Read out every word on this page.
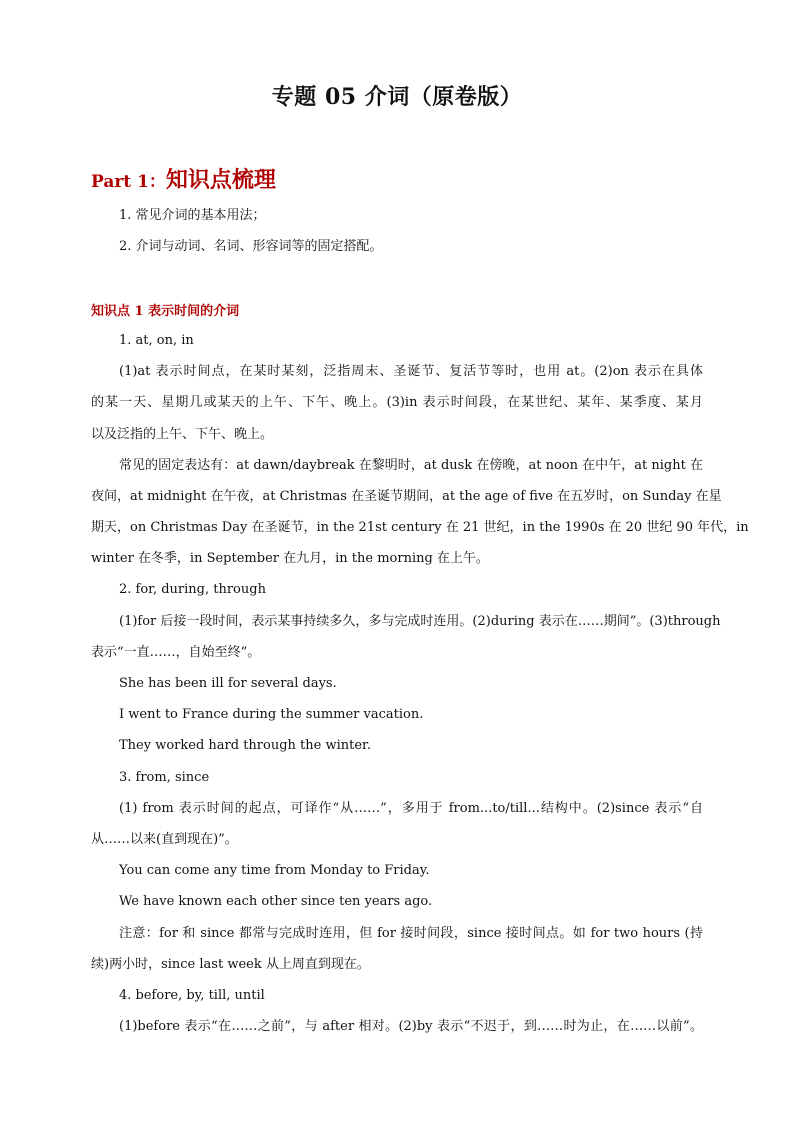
专题 05 介词（原卷版）
Part 1：知识点梳理
1. 常见介词的基本用法；
2. 介词与动词、名词、形容词等的固定搭配。
知识点 1 表示时间的介词
1. at, on, in
(1)at 表示时间点，在某时某刻，泛指周末、圣诞节、复活节等时，也用 at。(2)on 表示在具体
的某一天、星期几或某天的上午、下午、晚上。(3)in 表示时间段，在某世纪、某年、某季度、某月
以及泛指的上午、下午、晚上。
常见的固定表达有：at dawn/daybreak 在黎明时，at dusk 在傍晚，at noon 在中午，at night 在
夜间，at midnight 在午夜，at Christmas 在圣诞节期间，at the age of five 在五岁时，on Sunday 在星
期天，on Christmas Day 在圣诞节，in the 21st century 在 21 世纪，in the 1990s 在 20 世纪 90 年代，in
winter 在冬季，in September 在九月，in the morning 在上午。
2. for, during, through
(1)for 后接一段时间，表示某事持续多久，多与完成时连用。(2)during 表示在……期间”。(3)through
表示“一直……，自始至终”。
She has been ill for several days.
I went to France during the summer vacation.
They worked hard through the winter.
3. from, since
(1) from 表示时间的起点，可译作“从……”，多用于 from...to/till...结构中。(2)since 表示“自
从……以来(直到现在)”。
You can come any time from Monday to Friday.
We have known each other since ten years ago.
注意：for 和 since 都常与完成时连用，但 for 接时间段，since 接时间点。如 for two hours (持
续)两小时，since last week 从上周直到现在。
4. before, by, till, until
(1)before 表示“在……之前”，与 after 相对。(2)by 表示“不迟于，到……时为止，在……以前”。
